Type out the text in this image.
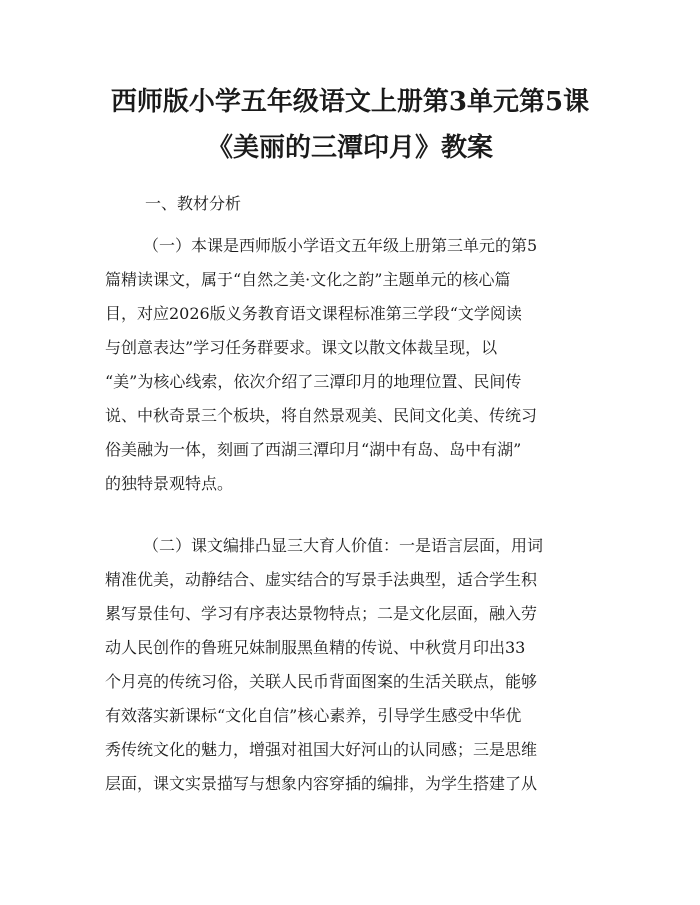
西师版小学五年级语文上册第3单元第5课
《美丽的三潭印月》教案
一、教材分析
（一）本课是西师版小学语文五年级上册第三单元的第5
篇精读课文，属于“自然之美·文化之韵”主题单元的核心篇
目，对应2026版义务教育语文课程标准第三学段“文学阅读
与创意表达”学习任务群要求。课文以散文体裁呈现，以
“美”为核心线索，依次介绍了三潭印月的地理位置、民间传
说、中秋奇景三个板块，将自然景观美、民间文化美、传统习
俗美融为一体，刻画了西湖三潭印月“湖中有岛、岛中有湖”
的独特景观特点。
（二）课文编排凸显三大育人价值：一是语言层面，用词
精准优美，动静结合、虚实结合的写景手法典型，适合学生积
累写景佳句、学习有序表达景物特点；二是文化层面，融入劳
动人民创作的鲁班兄妹制服黑鱼精的传说、中秋赏月印出33
个月亮的传统习俗，关联人民币背面图案的生活关联点，能够
有效落实新课标“文化自信”核心素养，引导学生感受中华优
秀传统文化的魅力，增强对祖国大好河山的认同感；三是思维
层面，课文实景描写与想象内容穿插的编排，为学生搭建了从
